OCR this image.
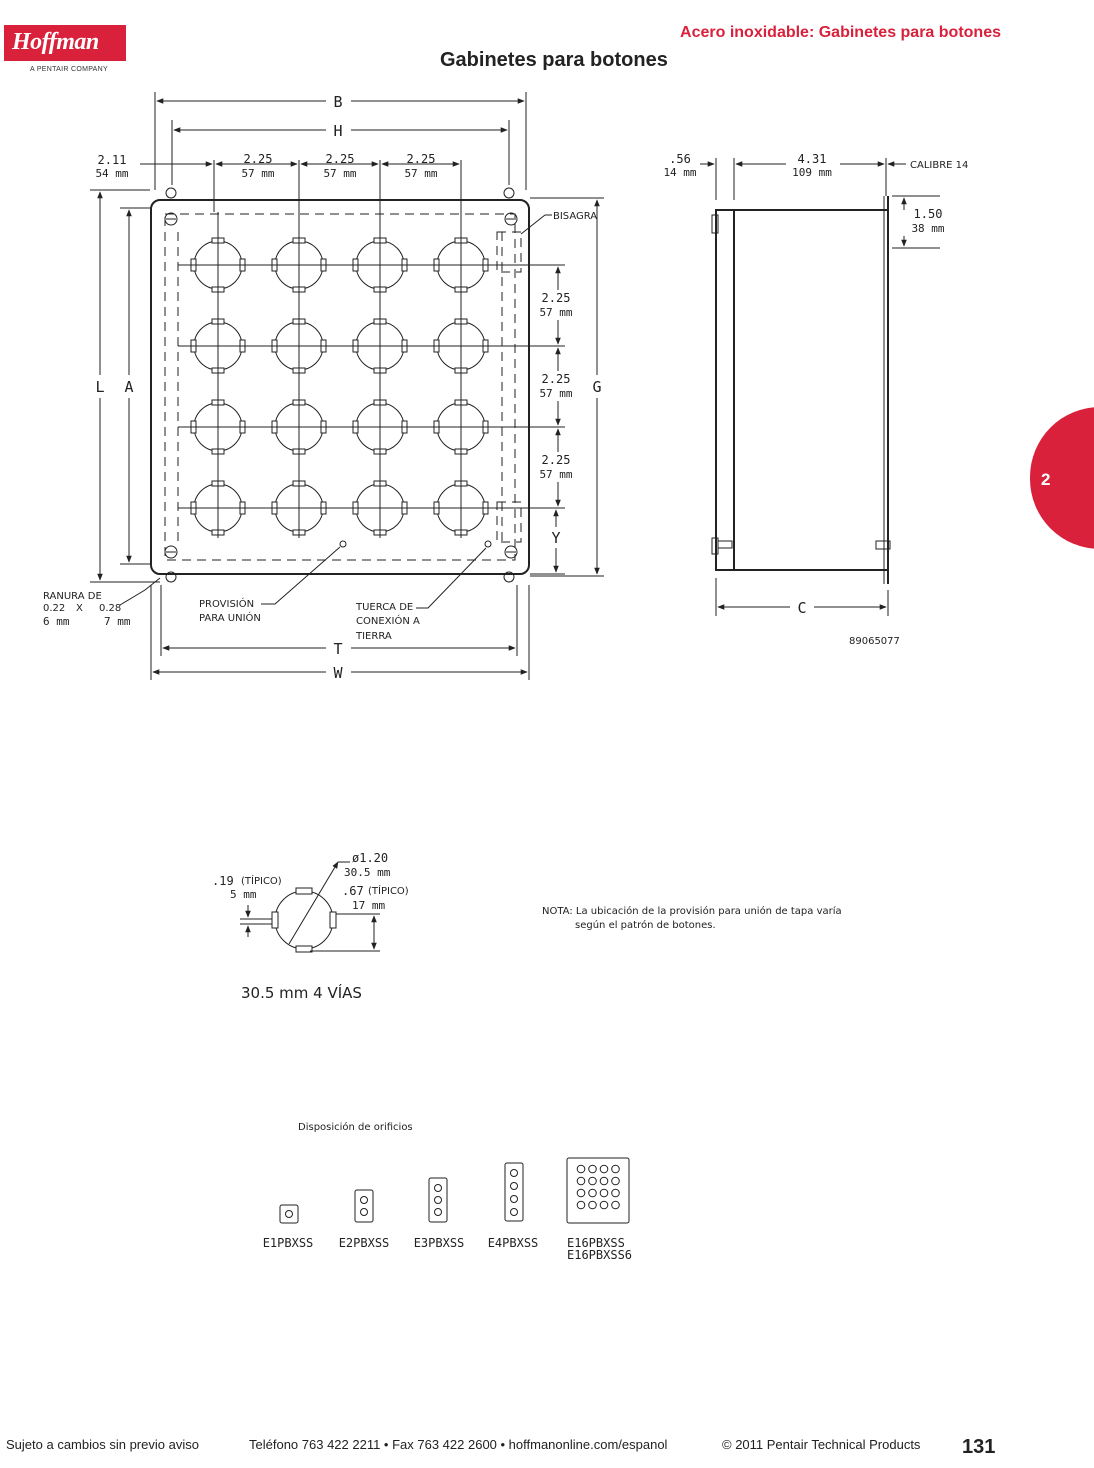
Hoffman
A PENTAIR COMPANY
Acero inoxidable: Gabinetes para botones
Gabinetes para botones
2
B
H
2.11
54 mm
2.25
57 mm
2.25
57 mm
2.25
57 mm
L A	G
2.25
57 mm
2.25
57 mm
2.25
57 mm
Y
T
W
BISAGRA
RANURA DE
0.22 X 0.28
6 mm	7 mm
PROVISIÓN
PARA UNIÓN
TUERCA DE
CONEXIÓN A
TIERRA
.56
14 mm
4.31
109 mm
CALIBRE 14
1.50
38 mm
C
89065077
ø1.20
30.5 mm
.19 (TÍPICO)
5 mm	.67 (TÍPICO)
17 mm
30.5 mm 4 VÍAS
NOTA: La ubicación de la provisión para unión de tapa varía
según el patrón de botones.
Disposición de orificios
E1PBXSS E2PBXSS E3PBXSS E4PBXSS E16PBXSS
E16PBXSS6
Sujeto a cambios sin previo aviso	Teléfono 763 422 2211 • Fax 763 422 2600 • hoffmanonline.com/espanol	© 2011 Pentair Technical Products 131
